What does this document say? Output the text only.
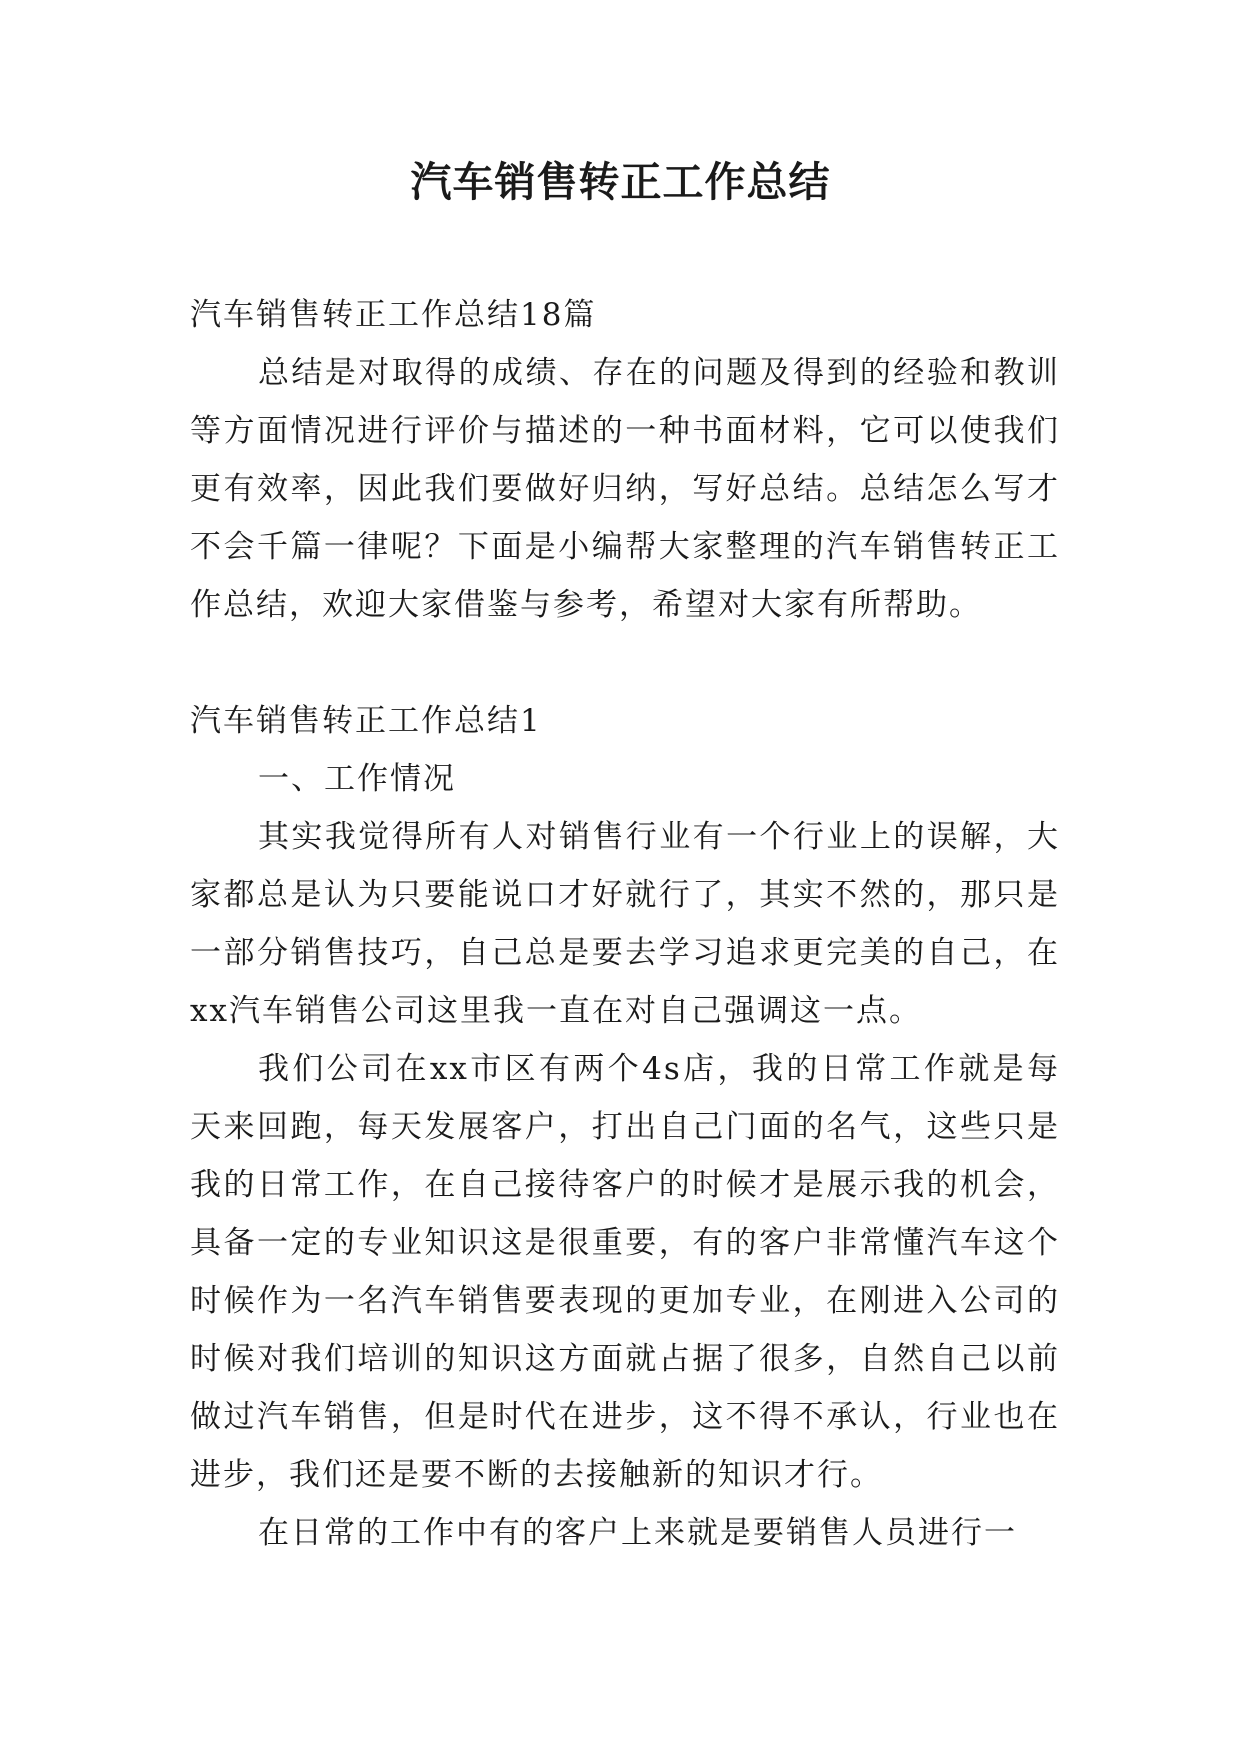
汽车销售转正工作总结

汽车销售转正工作总结18篇

总结是对取得的成绩、存在的问题及得到的经验和教训等方面情况进行评价与描述的一种书面材料，它可以使我们更有效率，因此我们要做好归纳，写好总结。总结怎么写才不会千篇一律呢？下面是小编帮大家整理的汽车销售转正工作总结，欢迎大家借鉴与参考，希望对大家有所帮助。

汽车销售转正工作总结1

一、工作情况

其实我觉得所有人对销售行业有一个行业上的误解，大家都总是认为只要能说口才好就行了，其实不然的，那只是一部分销售技巧，自己总是要去学习追求更完美的自己，在xx汽车销售公司这里我一直在对自己强调这一点。

我们公司在xx市区有两个4s店，我的日常工作就是每天来回跑，每天发展客户，打出自己门面的名气，这些只是我的日常工作，在自己接待客户的时候才是展示我的机会，具备一定的专业知识这是很重要，有的客户非常懂汽车这个时候作为一名汽车销售要表现的更加专业，在刚进入公司的时候对我们培训的知识这方面就占据了很多，自然自己以前做过汽车销售，但是时代在进步，这不得不承认，行业也在进步，我们还是要不断的去接触新的知识才行。

在日常的工作中有的客户上来就是要销售人员进行一
